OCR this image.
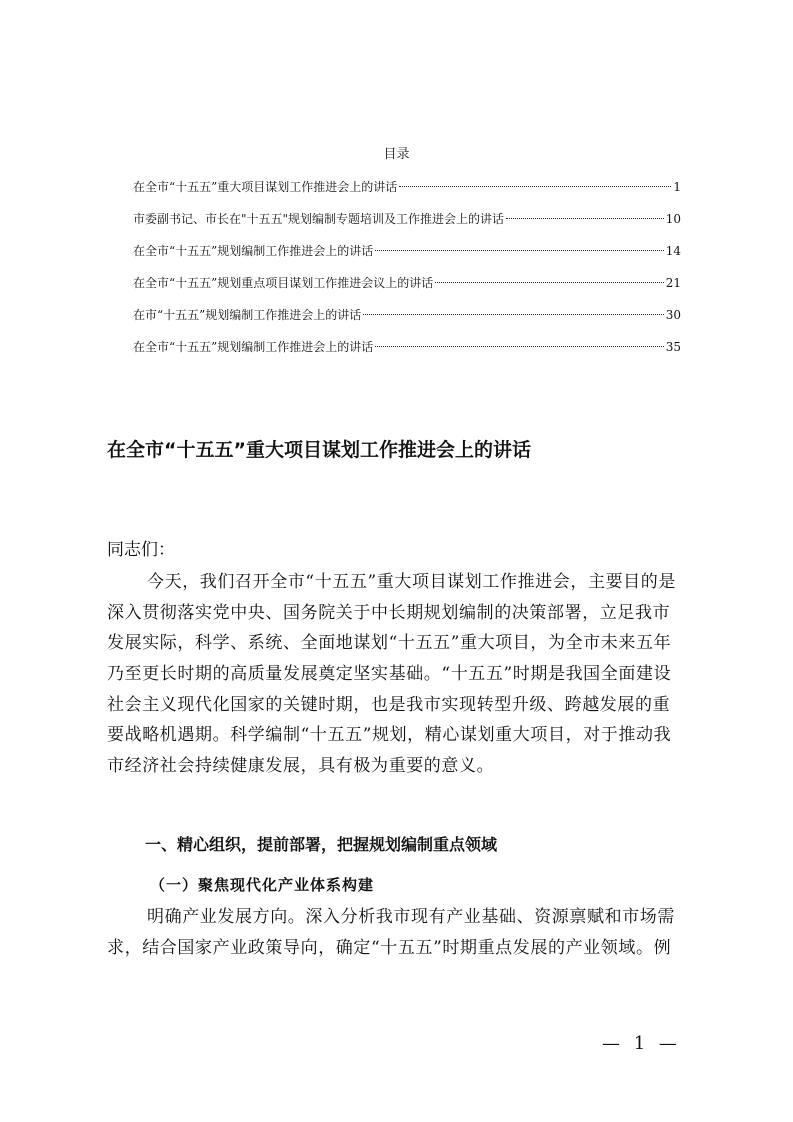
目录
在全市“十五五”重大项目谋划工作推进会上的讲话	1
市委副书记、市长在"十五五"规划编制专题培训及工作推进会上的讲话	10
在全市“十五五”规划编制工作推进会上的讲话	14
在全市“十五五”规划重点项目谋划工作推进会议上的讲话	21
在市“十五五”规划编制工作推进会上的讲话	30
在全市“十五五”规划编制工作推进会上的讲话	35
在全市“十五五”重大项目谋划工作推进会上的讲话

同志们：

今天，我们召开全市“十五五”重大项目谋划工作推进会，主要目的是
深入贯彻落实党中央、国务院关于中长期规划编制的决策部署，立足我市
发展实际，科学、系统、全面地谋划“十五五”重大项目，为全市未来五年
乃至更长时期的高质量发展奠定坚实基础。“十五五”时期是我国全面建设
社会主义现代化国家的关键时期，也是我市实现转型升级、跨越发展的重
要战略机遇期。科学编制“十五五”规划，精心谋划重大项目，对于推动我
市经济社会持续健康发展，具有极为重要的意义。

一、精心组织，提前部署，把握规划编制重点领域
（一）聚焦现代化产业体系构建

明确产业发展方向。深入分析我市现有产业基础、资源禀赋和市场需
求，结合国家产业政策导向，确定“十五五”时期重点发展的产业领域。例

— 1 —
